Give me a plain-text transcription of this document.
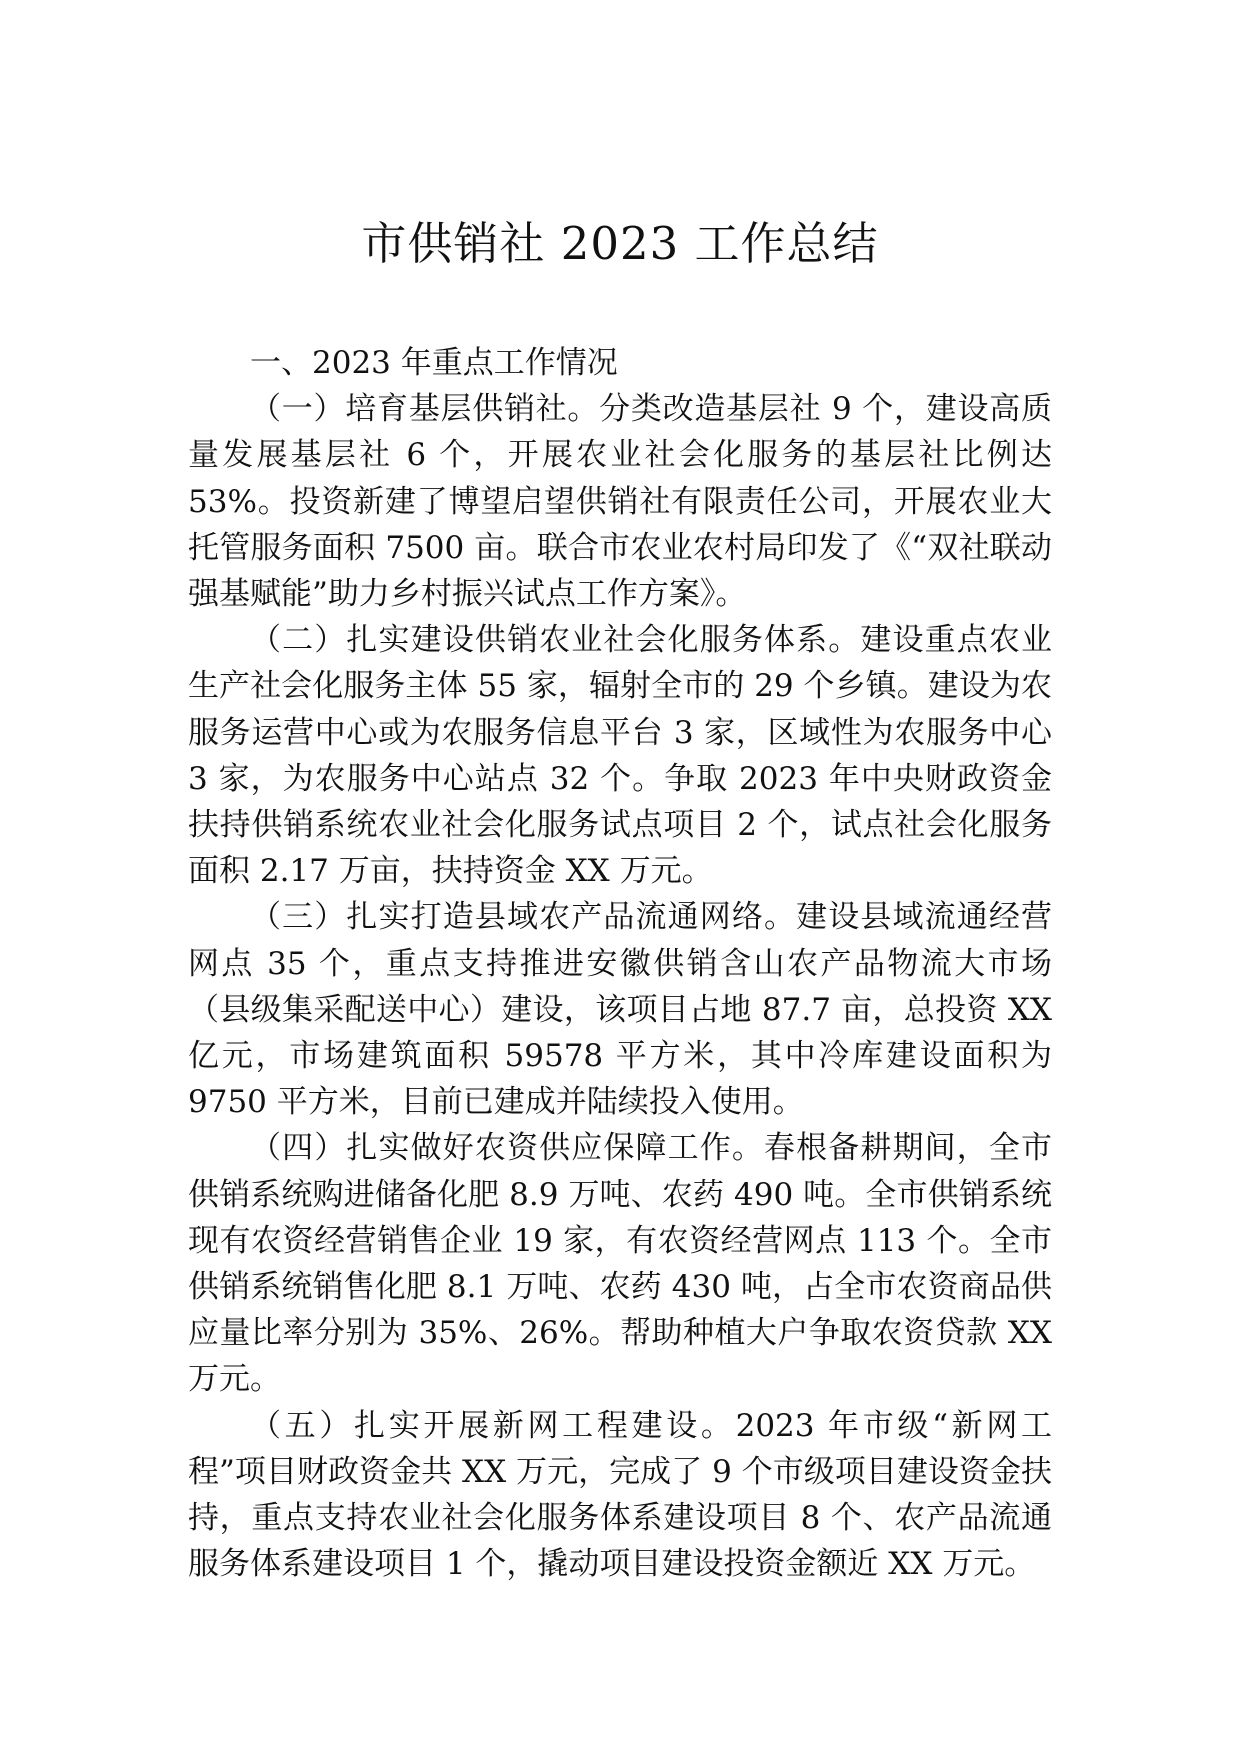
市供销社 2023 工作总结

一、2023 年重点工作情况

（一）培育基层供销社。分类改造基层社 9 个，建设高质量发展基层社 6 个，开展农业社会化服务的基层社比例达 53%。投资新建了博望启望供销社有限责任公司，开展农业大托管服务面积 7500 亩。联合市农业农村局印发了《“双社联动 强基赋能”助力乡村振兴试点工作方案》。

（二）扎实建设供销农业社会化服务体系。建设重点农业生产社会化服务主体 55 家，辐射全市的 29 个乡镇。建设为农服务运营中心或为农服务信息平台 3 家，区域性为农服务中心 3 家，为农服务中心站点 32 个。争取 2023 年中央财政资金扶持供销系统农业社会化服务试点项目 2 个，试点社会化服务面积 2.17 万亩，扶持资金 XX 万元。

（三）扎实打造县域农产品流通网络。建设县域流通经营网点 35 个，重点支持推进安徽供销含山农产品物流大市场（县级集采配送中心）建设，该项目占地 87.7 亩，总投资 XX 亿元，市场建筑面积 59578 平方米，其中冷库建设面积为 9750 平方米，目前已建成并陆续投入使用。

（四）扎实做好农资供应保障工作。春根备耕期间，全市供销系统购进储备化肥 8.9 万吨、农药 490 吨。全市供销系统现有农资经营销售企业 19 家，有农资经营网点 113 个。全市供销系统销售化肥 8.1 万吨、农药 430 吨，占全市农资商品供应量比率分别为 35%、26%。帮助种植大户争取农资贷款 XX 万元。

（五）扎实开展新网工程建设。2023 年市级“新网工程”项目财政资金共 XX 万元，完成了 9 个市级项目建设资金扶持，重点支持农业社会化服务体系建设项目 8 个、农产品流通服务体系建设项目 1 个，撬动项目建设投资金额近 XX 万元。
